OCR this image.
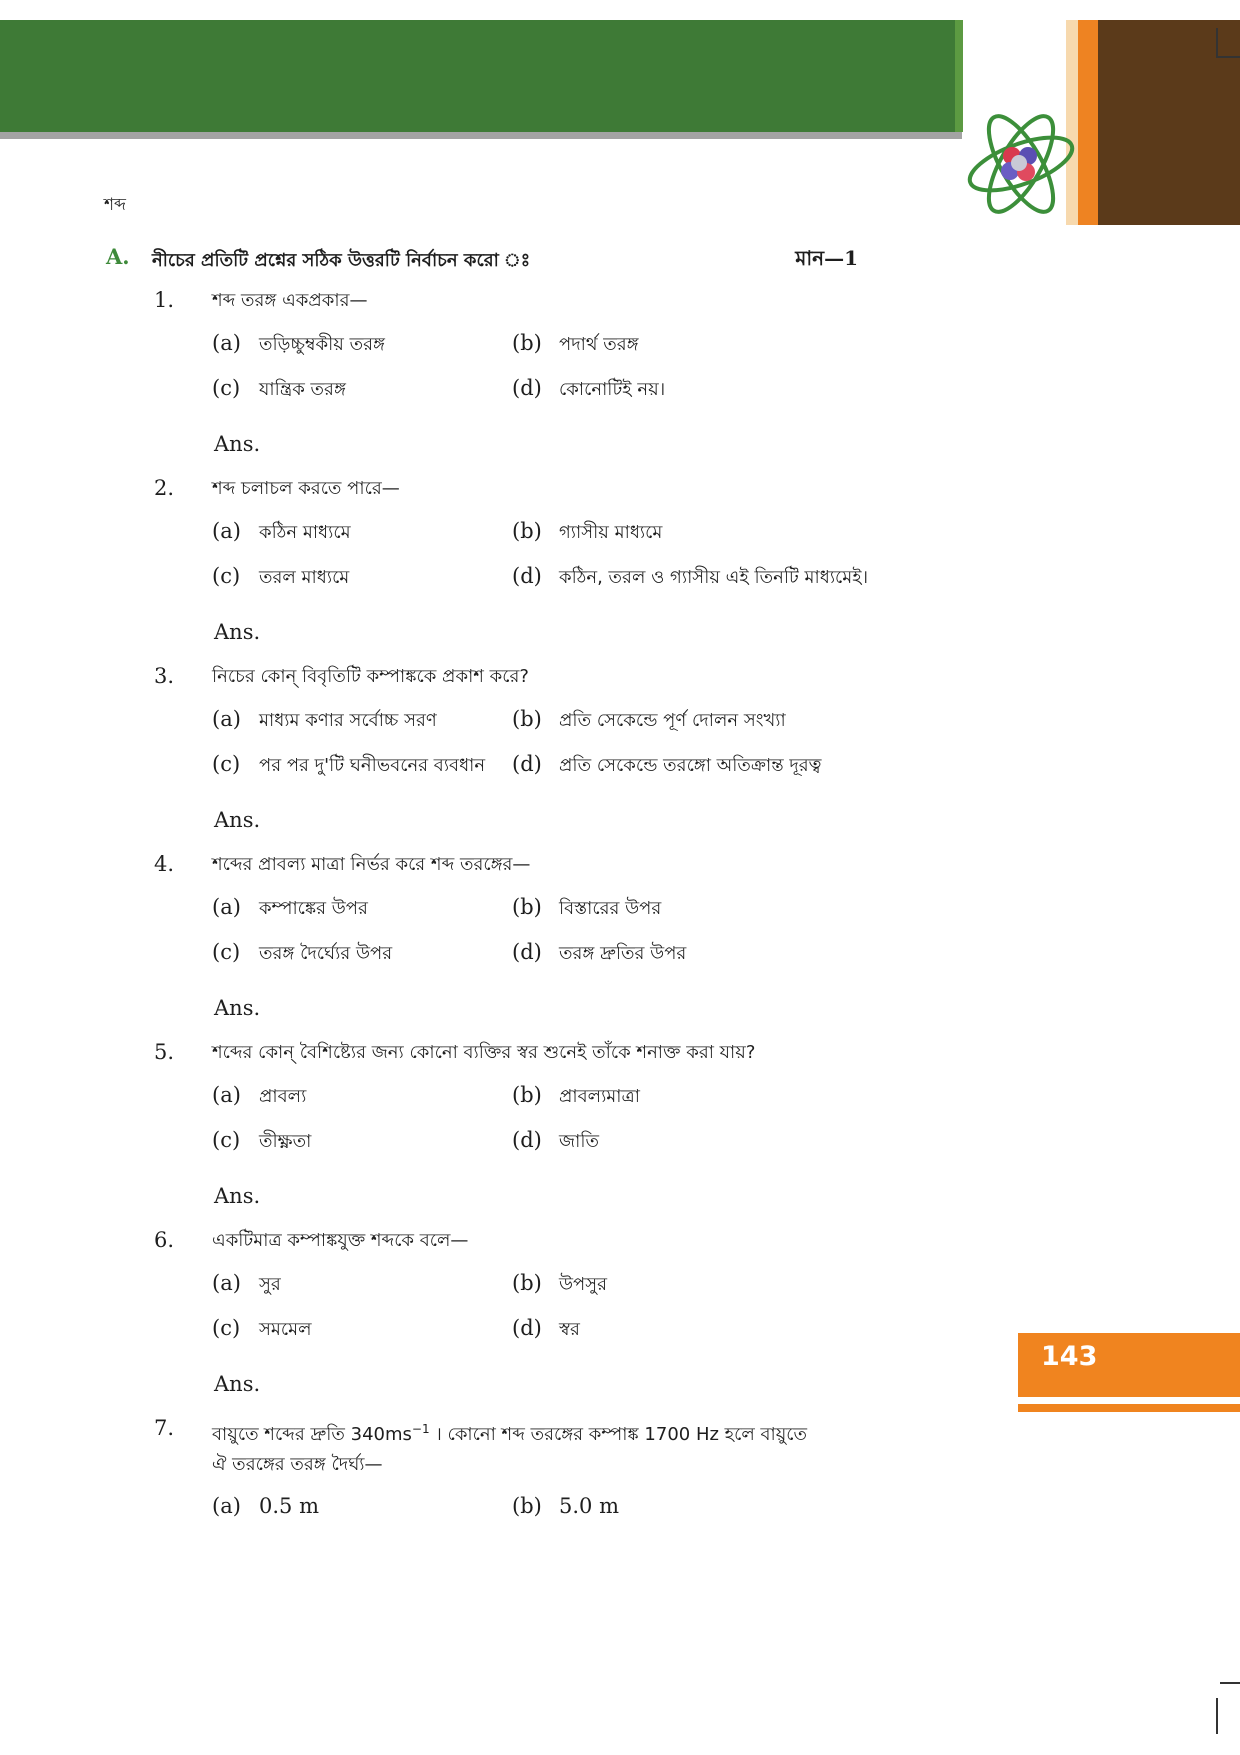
শব্দ
143
A. নীচের প্রতিটি প্রশ্নের সঠিক উত্তরটি নির্বাচন করো ঃ	মান—1
1. শব্দ তরঙ্গ একপ্রকার—
(a) তড়িচ্চুম্বকীয় তরঙ্গ	(b) পদার্থ তরঙ্গ
(c) যান্ত্রিক তরঙ্গ	(d) কোনোটিই নয়।
Ans.
2. শব্দ চলাচল করতে পারে—
(a) কঠিন মাধ্যমে	(b) গ্যাসীয় মাধ্যমে
(c) তরল মাধ্যমে	(d) কঠিন, তরল ও গ্যাসীয় এই তিনটি মাধ্যমেই।
Ans.
3. নিচের কোন্ বিবৃতিটি কম্পাঙ্ককে প্রকাশ করে?
(a) মাধ্যম কণার সর্বোচ্চ সরণ	(b) প্রতি সেকেন্ডে পূর্ণ দোলন সংখ্যা
(c) পর পর দু'টি ঘনীভবনের ব্যবধান (d) প্রতি সেকেন্ডে তরঙ্গো অতিক্রান্ত দূরত্ব
Ans.
4. শব্দের প্রাবল্য মাত্রা নির্ভর করে শব্দ তরঙ্গের—
(a) কম্পাঙ্কের উপর	(b) বিস্তারের উপর
(c) তরঙ্গ দৈর্ঘ্যের উপর	(d) তরঙ্গ দ্রুতির উপর
Ans.
5. শব্দের কোন্ বৈশিষ্ট্যের জন্য কোনো ব্যক্তির স্বর শুনেই তাঁকে শনাক্ত করা যায়?
(a) প্রাবল্য	(b) প্রাবল্যমাত্রা
(c) তীক্ষ্ণতা	(d) জাতি
Ans.
6. একটিমাত্র কম্পাঙ্কযুক্ত শব্দকে বলে—
(a) সুর	(b) উপসুর
(c) সমমেল	(d) স্বর
Ans.
7. বায়ুতে শব্দের দ্রুতি $340ms^{-1}$ । কোনো শব্দ তরঙ্গের কম্পাঙ্ক 1700 Hz হলে বায়ুতে
ঐ তরঙ্গের তরঙ্গ দৈর্ঘ্য—
(a) 0.5 m	(b) 5.0 m
